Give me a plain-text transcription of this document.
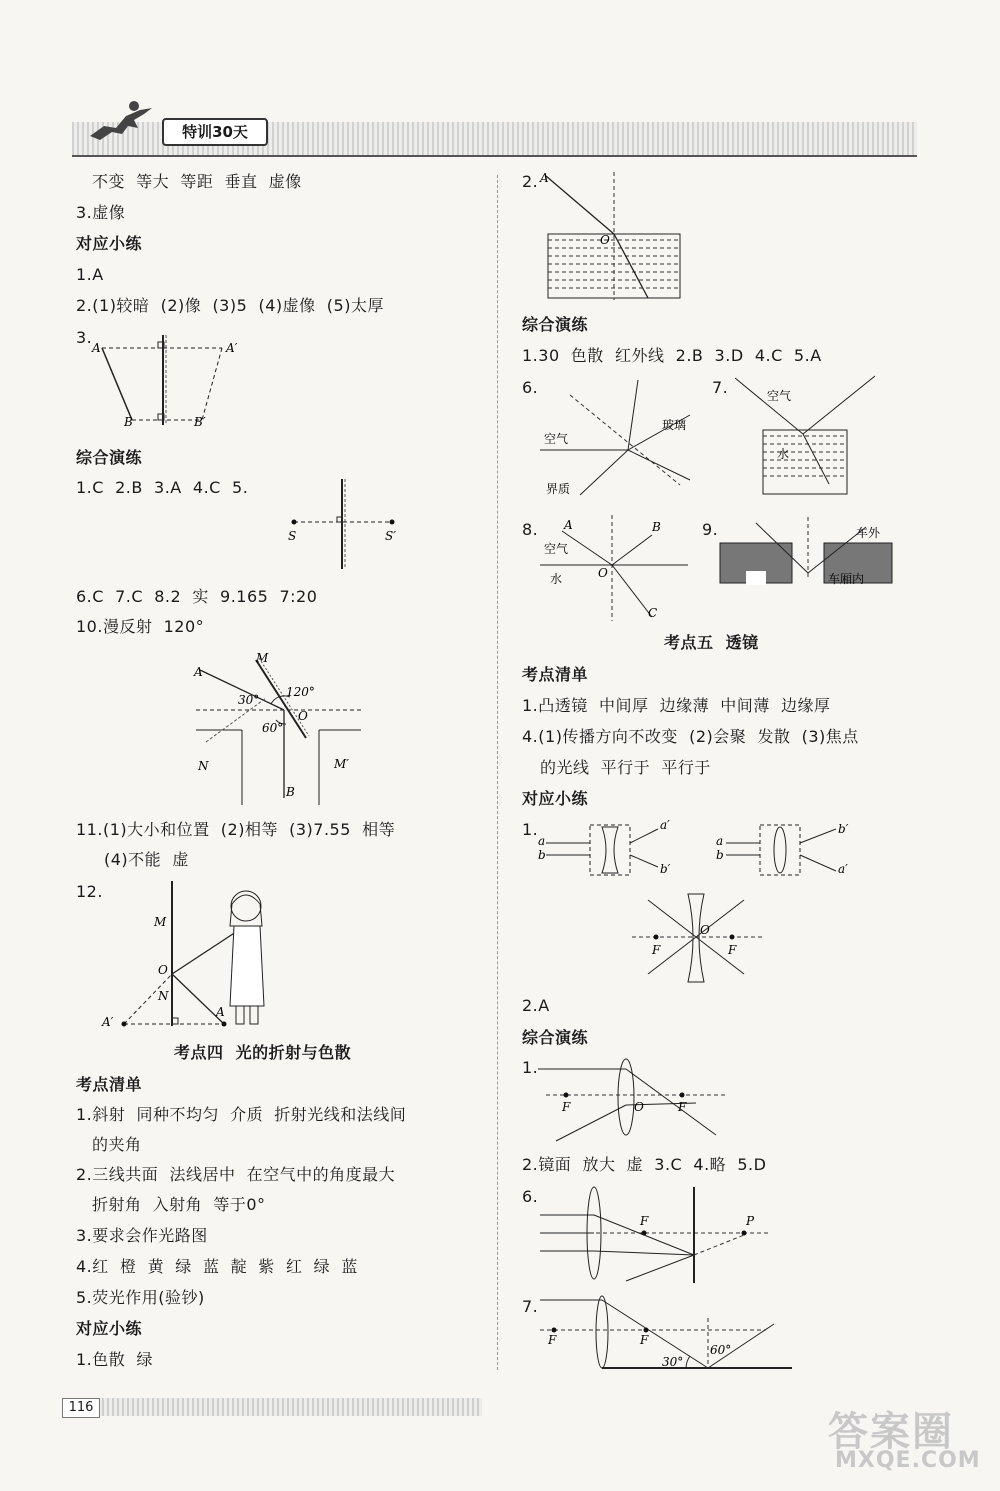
特训30天
不变  等大  等距  垂直  虚像
3.虚像
对应小练
1.A
2.(1)较暗  (2)像  (3)5  (4)虚像  (5)太厚
3.
A	A′
B	B′
综合演练
1.C  2.B  3.A  4.C  5.
S	S′
6.C  7.C  8.2  实  9.165  7:20
10.漫反射  120°
M
A
30°
120°
O
60°
N	M′
B
11.(1)大小和位置  (2)相等  (3)7.55  相等
(4)不能  虚
12.
M
O
N
A′
A
考点四  光的折射与色散
考点清单
1.斜射  同种不均匀  介质  折射光线和法线间
的夹角
2.三线共面  法线居中  在空气中的角度最大
折射角  入射角  等于0°
3.要求会作光路图
4.红  橙  黄  绿  蓝  靛  紫  红  绿  蓝
5.荧光作用(验钞)
对应小练
1.色散  绿
2. A
O
综合演练
1.30  色散  红外线  2.B  3.D  4.C  5.A
6.
空气
玻璃
界质
7.	空气
水
8. A	B
空气
水	O
C
9.	车外
车厢内
考点五  透镜
考点清单
1.凸透镜  中间厚  边缘薄  中间薄  边缘厚
4.(1)传播方向不改变  (2)会聚  发散  (3)焦点
的光线  平行于  平行于
对应小练
1.
a
b
a′
b′
a
b
b′
a′
F
O
F
2.A
综合演练
1.
F	O	F
2.镜面  放大  虚  3.C  4.略  5.D
6.
F	P
7.
F	F
30°
60°
116
答案圈
MXQE.COM
